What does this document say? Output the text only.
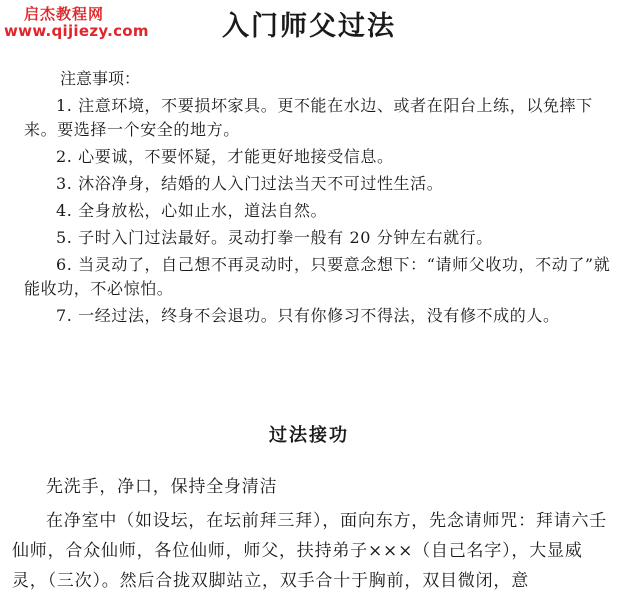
启杰教程网
www.qijiezy.com	入门师父过法
注意事项：
1. 注意环境，不要损坏家具。更不能在水边、或者在阳台上练，以免摔下来。要选择一个安全的地方。
2. 心要诚，不要怀疑，才能更好地接受信息。
3. 沐浴净身，结婚的人入门过法当天不可过性生活。
4. 全身放松，心如止水，道法自然。
5. 子时入门过法最好。灵动打拳一般有 20 分钟左右就行。
6. 当灵动了，自己想不再灵动时，只要意念想下：“请师父收功，不动了”就能收功，不必惊怕。
7. 一经过法，终身不会退功。只有你修习不得法，没有修不成的人。
过法接功

先洗手，净口，保持全身清洁

在净室中（如设坛，在坛前拜三拜），面向东方，先念请师咒：拜请六壬仙师，合众仙师，各位仙师，师父，扶持弟子×××（自己名字），大显威灵，（三次）。然后合拢双脚站立，双手合十于胸前，双目微闭，意
